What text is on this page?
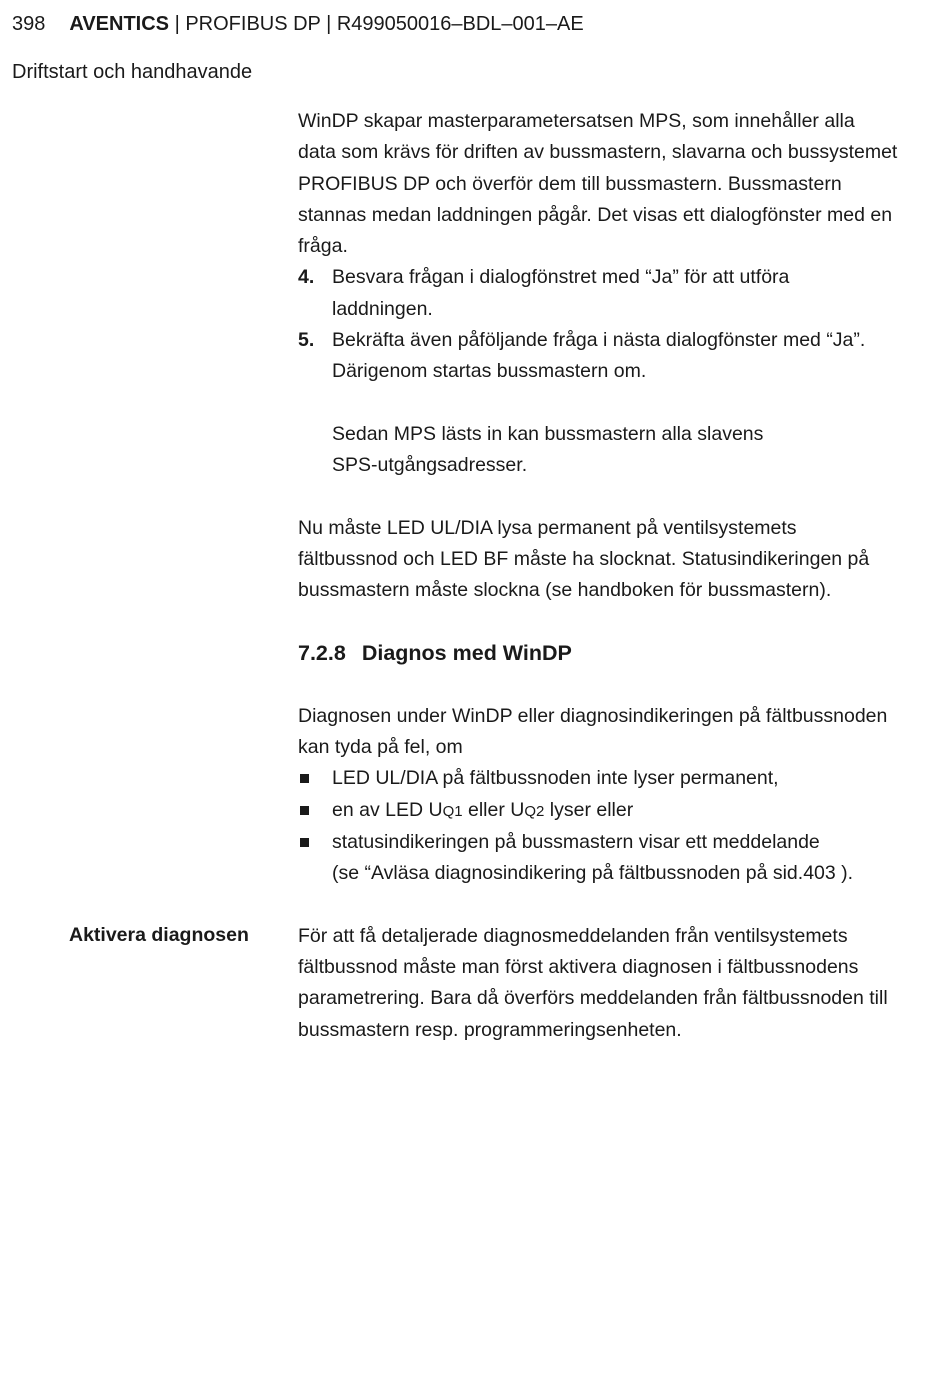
398 AVENTICS | PROFIBUS DP | R499050016–BDL–001–AE
Driftstart och handhavande

WinDP skapar masterparametersatsen MPS, som innehåller alla data som krävs för driften av bussmastern, slavarna och bussystemet PROFIBUS DP och överför dem till bussmastern. Bussmastern stannas medan laddningen pågår. Det visas ett dialogfönster med en fråga.

4. Besvara frågan i dialogfönstret med “Ja” för att utföra
laddningen.
5. Bekräfta även påföljande fråga i nästa dialogfönster med “Ja”.
Därigenom startas bussmastern om.
Sedan MPS lästs in kan bussmastern alla slavens
SPS-utgångsadresser.

Nu måste LED UL/DIA lysa permanent på ventilsystemets fältbussnod och LED BF måste ha slocknat. Statusindikeringen på bussmastern måste slockna (se handboken för bussmastern).

7.2.8 Diagnos med WinDP

Diagnosen under WinDP eller diagnosindikeringen på fältbussnoden kan tyda på fel, om

LED UL/DIA på fältbussnoden inte lyser permanent,
en av LED UQ1 eller UQ2 lyser eller
statusindikeringen på bussmastern visar ett meddelande
(se “Avläsa diagnosindikering på fältbussnoden på sid.403 ).

För att få detaljerade diagnosmeddelanden från ventilsystemets fältbussnod måste man först aktivera diagnosen i fältbussnodens parametrering. Bara då överförs meddelanden från fältbussnoden till bussmastern resp. programmeringsenheten.

Aktivera diagnosen
